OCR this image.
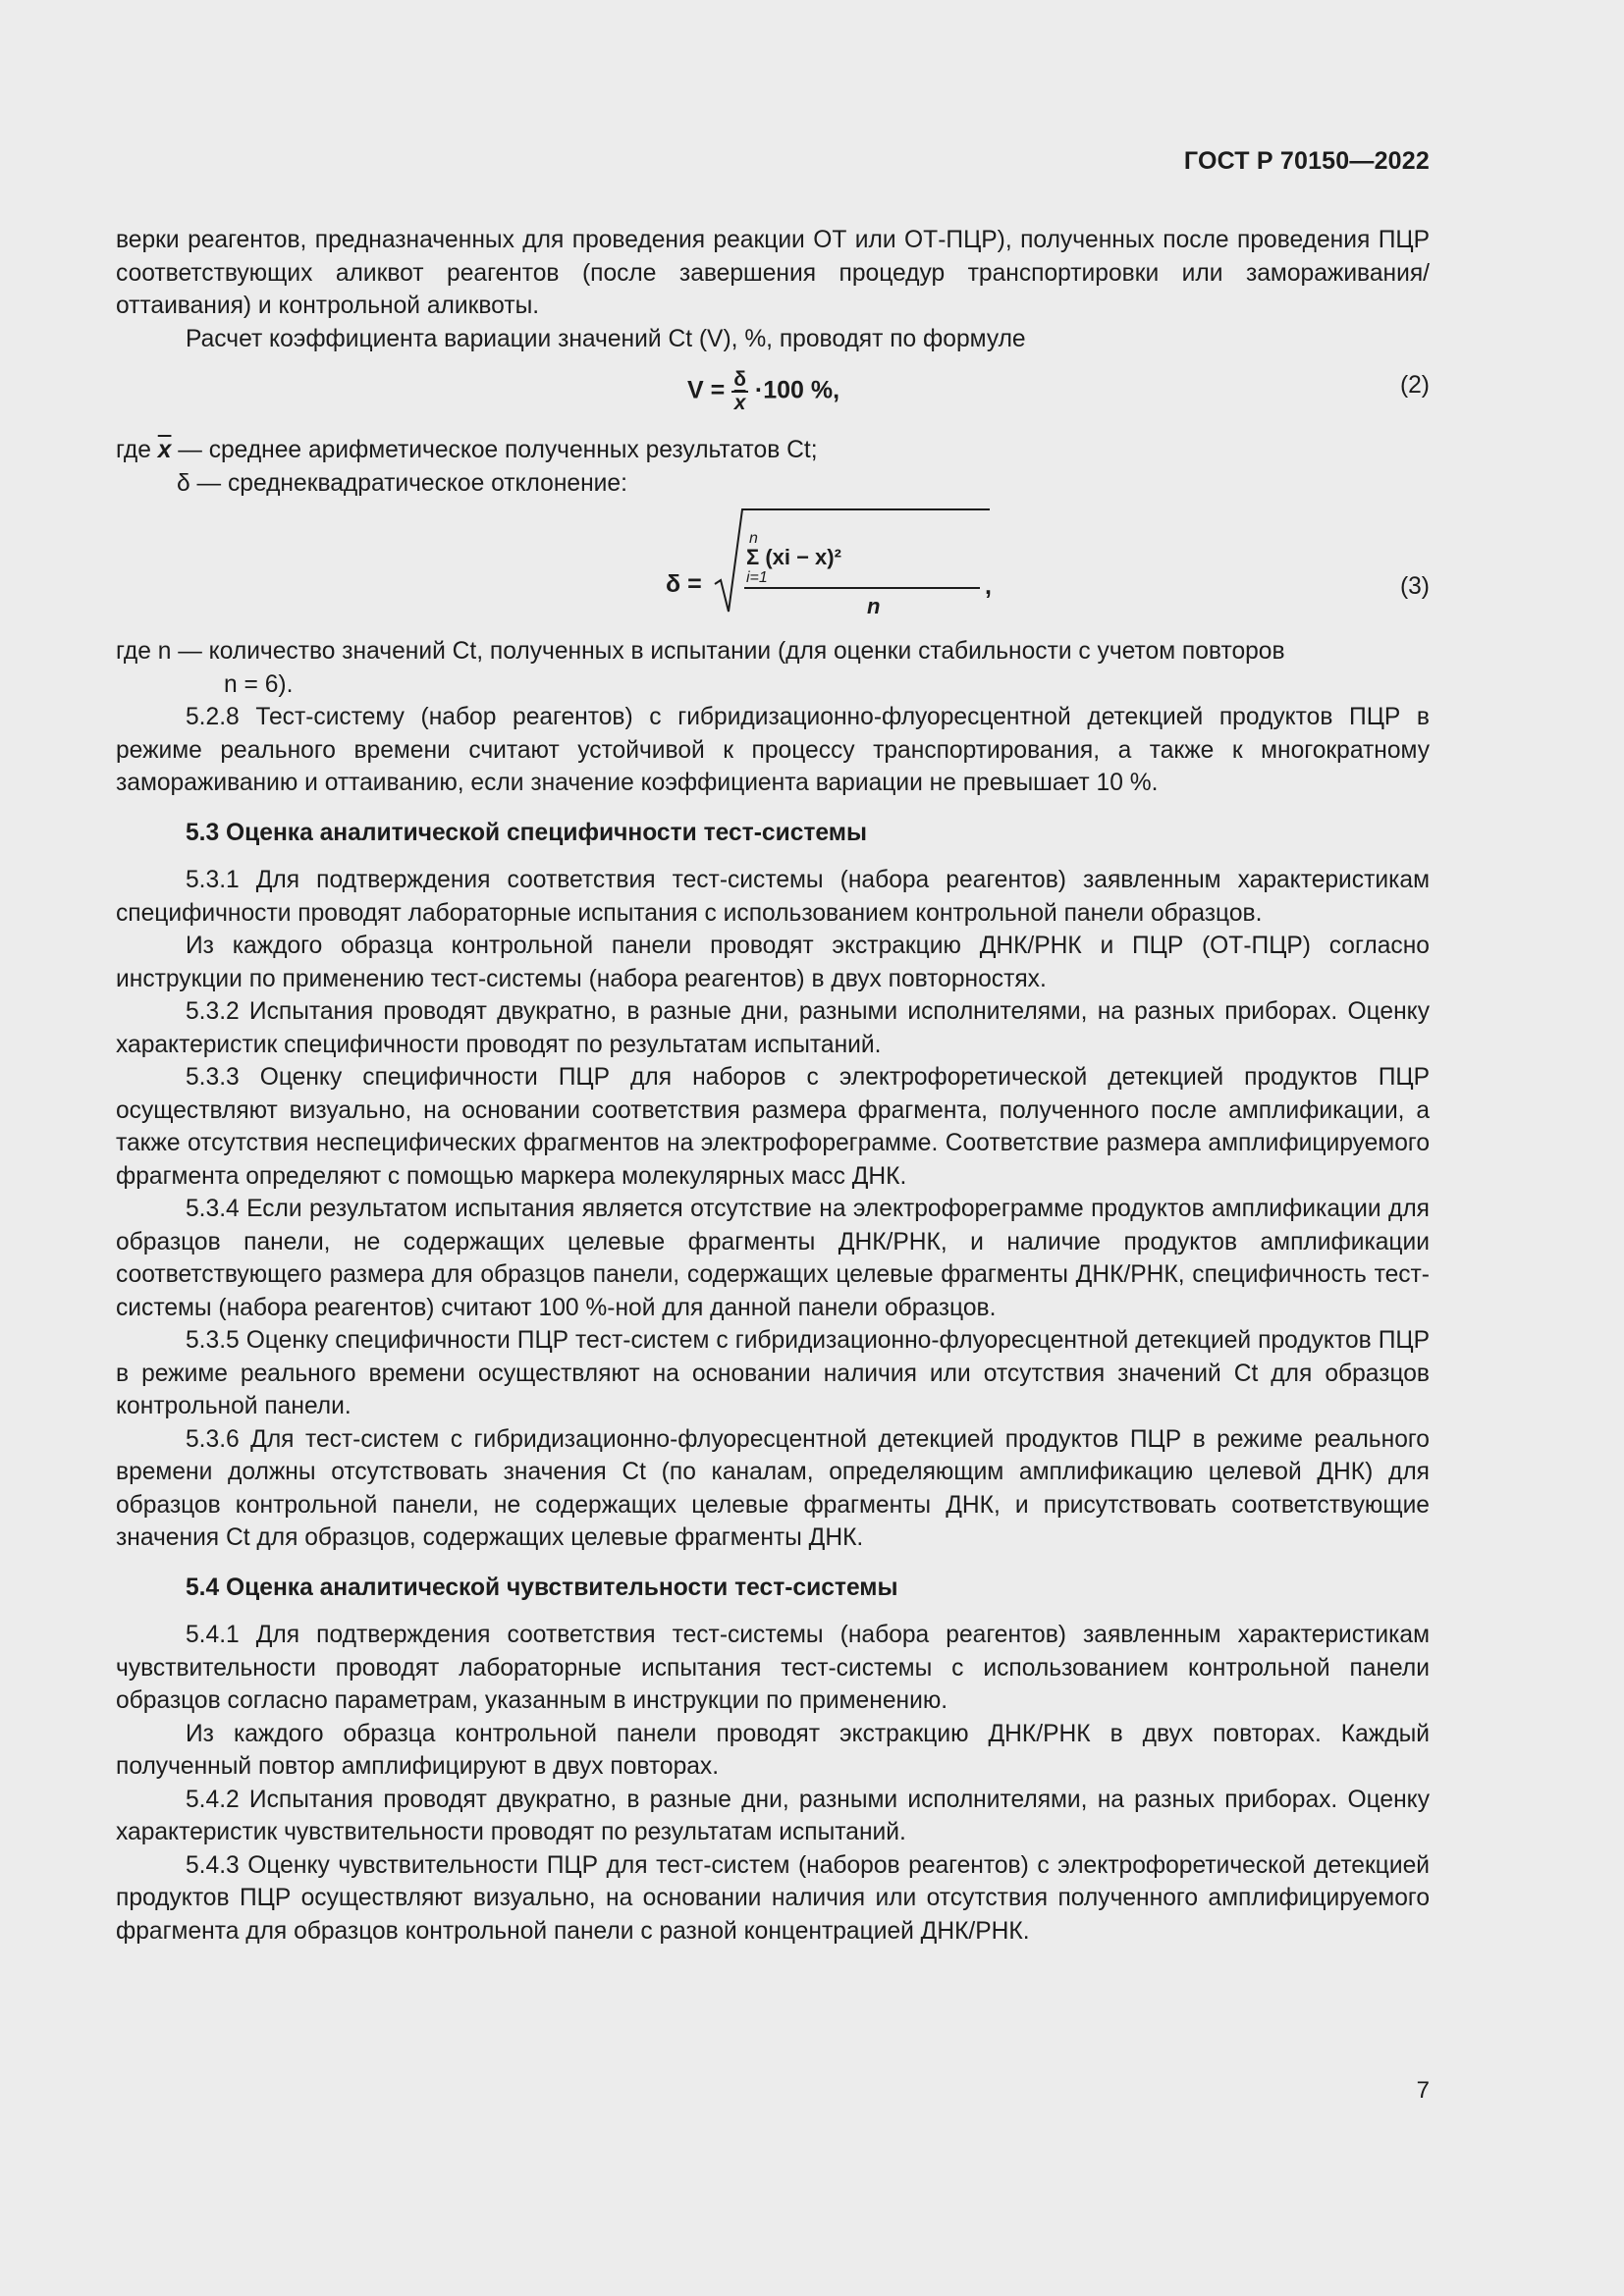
ГОСТ Р 70150—2022

верки реагентов, предназначенных для проведения реакции ОТ или ОТ-ПЦР), полученных после проведения ПЦР соответствующих аликвот реагентов (после завершения процедур транспортировки или замораживания/оттаивания) и контрольной аликвоты.

Расчет коэффициента вариации значений Ct (V), %, проводят по формуле

$V = \frac{\delta}{x} \cdot 100$ %,	(2)

где $\overline{x}$ — среднее арифметическое полученных результатов Ct;

δ — среднеквадратическое отклонение:

δ =
n
Σ (xi − x)²
i=1
n
,	(3)

где n — количество значений Ct, полученных в испытании (для оценки стабильности с учетом повторов

n = 6).

5.2.8 Тест-систему (набор реагентов) с гибридизационно-флуоресцентной детекцией продуктов ПЦР в режиме реального времени считают устойчивой к процессу транспортирования, а также к многократному замораживанию и оттаиванию, если значение коэффициента вариации не превышает 10 %.

5.3 Оценка аналитической специфичности тест-системы

5.3.1 Для подтверждения соответствия тест-системы (набора реагентов) заявленным характеристикам специфичности проводят лабораторные испытания с использованием контрольной панели образцов.

Из каждого образца контрольной панели проводят экстракцию ДНК/РНК и ПЦР (ОТ-ПЦР) согласно инструкции по применению тест-системы (набора реагентов) в двух повторностях.

5.3.2 Испытания проводят двукратно, в разные дни, разными исполнителями, на разных приборах. Оценку характеристик специфичности проводят по результатам испытаний.

5.3.3 Оценку специфичности ПЦР для наборов с электрофоретической детекцией продуктов ПЦР осуществляют визуально, на основании соответствия размера фрагмента, полученного после амплификации, а также отсутствия неспецифических фрагментов на электрофореграмме. Соответствие размера амплифицируемого фрагмента определяют с помощью маркера молекулярных масс ДНК.

5.3.4 Если результатом испытания является отсутствие на электрофореграмме продуктов амплификации для образцов панели, не содержащих целевые фрагменты ДНК/РНК, и наличие продуктов амплификации соответствующего размера для образцов панели, содержащих целевые фрагменты ДНК/РНК, специфичность тест-системы (набора реагентов) считают 100 %-ной для данной панели образцов.

5.3.5 Оценку специфичности ПЦР тест-систем с гибридизационно-флуоресцентной детекцией продуктов ПЦР в режиме реального времени осуществляют на основании наличия или отсутствия значений Ct для образцов контрольной панели.

5.3.6 Для тест-систем с гибридизационно-флуоресцентной детекцией продуктов ПЦР в режиме реального времени должны отсутствовать значения Ct (по каналам, определяющим амплификацию целевой ДНК) для образцов контрольной панели, не содержащих целевые фрагменты ДНК, и присутствовать соответствующие значения Ct для образцов, содержащих целевые фрагменты ДНК.

5.4 Оценка аналитической чувствительности тест-системы

5.4.1 Для подтверждения соответствия тест-системы (набора реагентов) заявленным характеристикам чувствительности проводят лабораторные испытания тест-системы с использованием контрольной панели образцов согласно параметрам, указанным в инструкции по применению.

Из каждого образца контрольной панели проводят экстракцию ДНК/РНК в двух повторах. Каждый полученный повтор амплифицируют в двух повторах.

5.4.2 Испытания проводят двукратно, в разные дни, разными исполнителями, на разных приборах. Оценку характеристик чувствительности проводят по результатам испытаний.

5.4.3 Оценку чувствительности ПЦР для тест-систем (наборов реагентов) с электрофоретической детекцией продуктов ПЦР осуществляют визуально, на основании наличия или отсутствия полученного амплифицируемого фрагмента для образцов контрольной панели с разной концентрацией ДНК/РНК.

7
